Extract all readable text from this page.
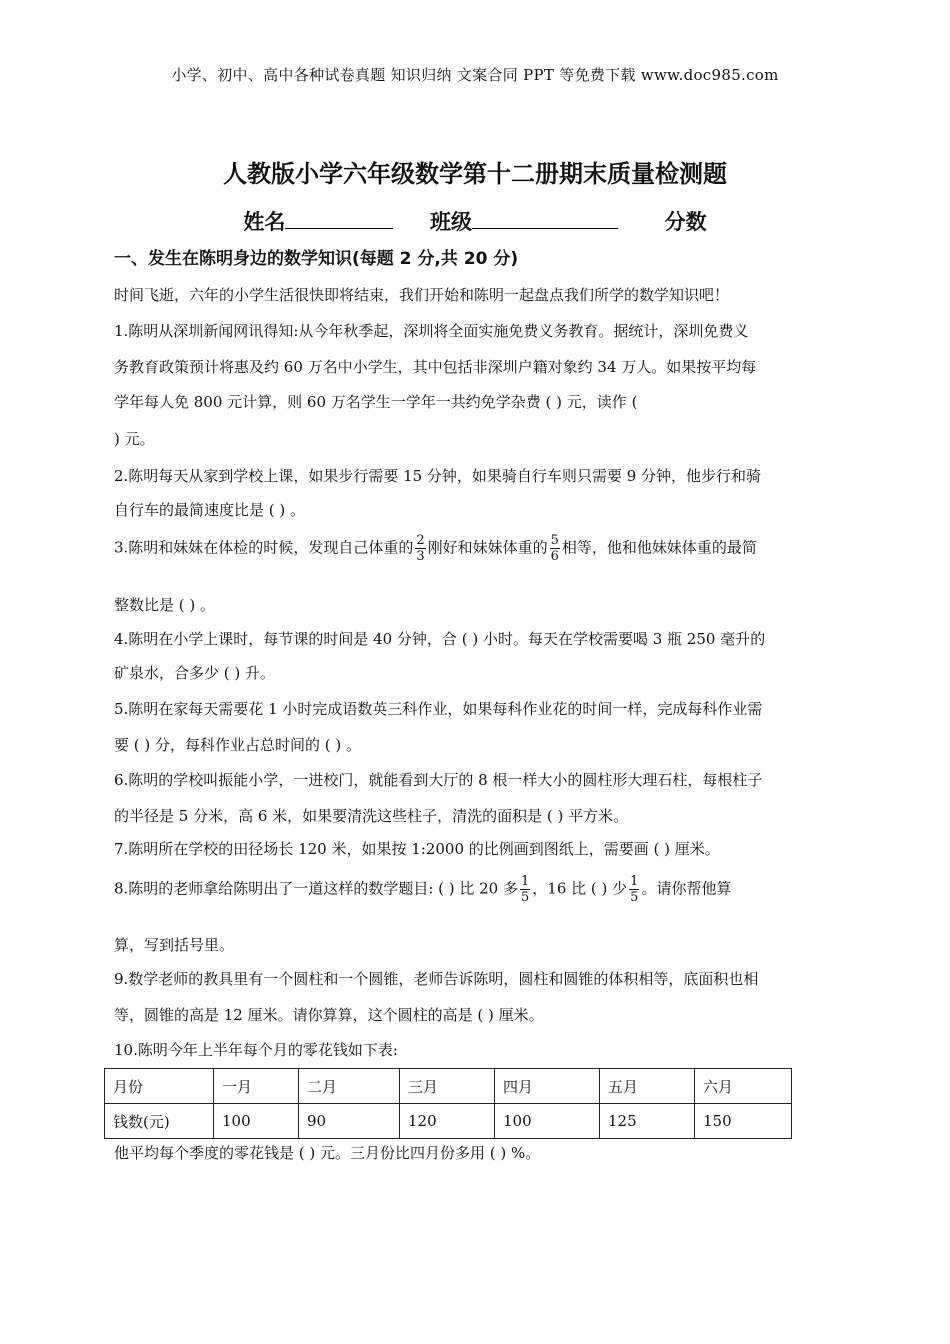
小学、初中、高中各种试卷真题 知识归纳 文案合同 PPT 等免费下载 www.doc985.com
人教版小学六年级数学第十二册期末质量检测题
姓名	班级	分数
一、发生在陈明身边的数学知识(每题 2 分,共 20 分)
时间飞逝，六年的小学生活很快即将结束，我们开始和陈明一起盘点我们所学的数学知识吧！
1.陈明从深圳新闻网讯得知:从今年秋季起，深圳将全面实施免费义务教育。据统计，深圳免费义
务教育政策预计将惠及约 60 万名中小学生，其中包括非深圳户籍对象约 34 万人。如果按平均每
学年每人免 800 元计算，则 60 万名学生一学年一共约免学杂费 ( ) 元，读作 (
) 元。
2.陈明每天从家到学校上课，如果步行需要 15 分钟，如果骑自行车则只需要 9 分钟，他步行和骑
自行车的最简速度比是 ( ) 。
3.陈明和妹妹在体检的时候，发现自己体重的 $\frac{2}{3}$ 刚好和妹妹体重的 $\frac{5}{6}$ 相等，他和他妹妹体重的最简
整数比是 ( ) 。
4.陈明在小学上课时，每节课的时间是 40 分钟，合 ( ) 小时。每天在学校需要喝 3 瓶 250 毫升的
矿泉水，合多少 ( ) 升。
5.陈明在家每天需要花 1 小时完成语数英三科作业，如果每科作业花的时间一样，完成每科作业需
要 ( ) 分，每科作业占总时间的 ( ) 。
6.陈明的学校叫振能小学，一进校门，就能看到大厅的 8 根一样大小的圆柱形大理石柱，每根柱子
的半径是 5 分米，高 6 米，如果要清洗这些柱子，清洗的面积是 ( ) 平方米。
7.陈明所在学校的田径场长 120 米，如果按 1:2000 的比例画到图纸上，需要画 ( ) 厘米。
8.陈明的老师拿给陈明出了一道这样的数学题目: ( ) 比 20 多 $\frac{1}{5}$ ，16 比 ( ) 少 $\frac{1}{5}$ 。请你帮他算
算，写到括号里。
9.数学老师的教具里有一个圆柱和一个圆锥，老师告诉陈明，圆柱和圆锥的体积相等，底面积也相
等，圆锥的高是 12 厘米。请你算算，这个圆柱的高是 ( ) 厘米。
10.陈明今年上半年每个月的零花钱如下表:
月份	一月	二月	三月	四月	五月	六月
钱数(元)	100	90	120	100	125	150
他平均每个季度的零花钱是 ( ) 元。三月份比四月份多用 ( ) %。
